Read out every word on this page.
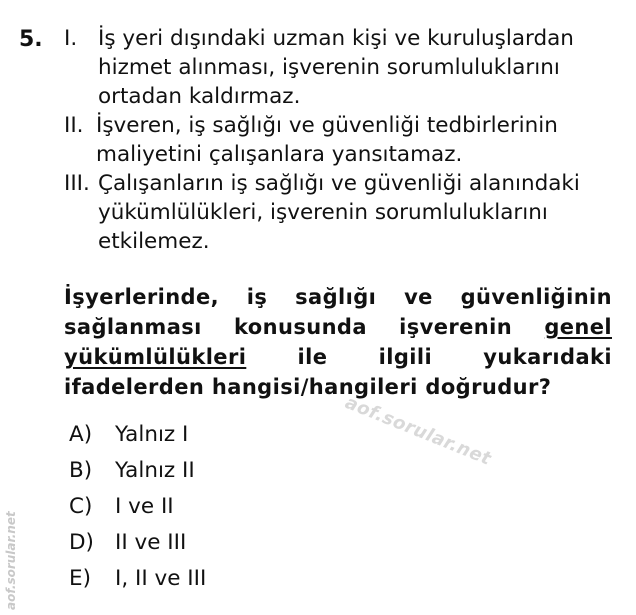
5. I. İş yeri dışındaki uzman kişi ve kuruluşlardan
hizmet alınması, işverenin sorumluluklarını
ortadan kaldırmaz.
II. İşveren, iş sağlığı ve güvenliği tedbirlerinin
maliyetini çalışanlara yansıtamaz.
III. Çalışanların iş sağlığı ve güvenliği alanındaki
yükümlülükleri, işverenin sorumluluklarını
etkilemez.
İşyerlerinde, iş sağlığı ve güvenliğinin
sağlanması konusunda işverenin genel
yükümlülükleri ile ilgili yukarıdaki
ifadelerden hangisi/hangileri doğrudur?
A) Yalnız I
B) Yalnız II
C) I ve II
D) II ve III
E) I, II ve III
aof.sorular.net
aof.sorular.net
